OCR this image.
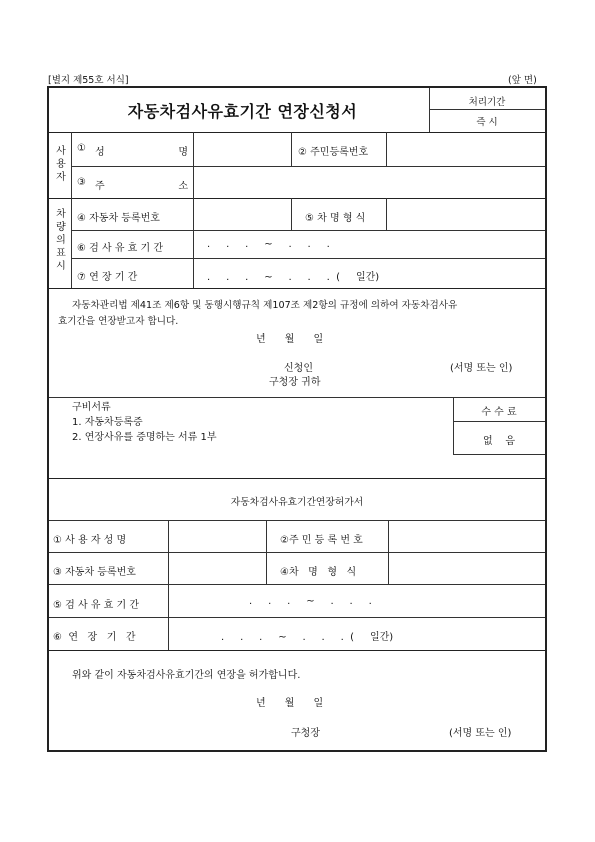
[별지 제55호 서식]	(앞 면)
자동차검사유효기간 연장신청서	처리기간
즉 시
사
용
자
① 성	명	② 주민등록번호
③ 주	소
차
량
의
표
시
④ 자동차 등록번호	⑤ 차 명 형 식
⑥ 검 사 유 효 기 간	.     .     .     ~     .     .     .
⑦ 연 장 기 간	.     .     .     ~     .     .     .  (     일간)
자동차관리법 제41조 제6항 및 동행시행규칙 제107조 제2항의 규정에 의하여 자동차검사유
효기간을 연장받고자 합니다.
년      월      일
신청인	(서명 또는 인)
구청장 귀하
구비서류
1. 자동차등록증
2. 연장사유를 증명하는 서류 1부
수 수 료
없    음
자동차검사유효기간연장허가서
① 사 용 자 성 명	②주 민 등 록 번 호
③ 자동차 등록번호	④차   명   형   식
⑤ 검 사 유 효 기 간	.     .     .     ~     .     .     .
⑥  연   장   기   간	.     .     .     ~     .     .     .  (     일간)
위와 같이 자동차검사유효기간의 연장을 허가합니다.
년      월      일
구청장	(서명 또는 인)
